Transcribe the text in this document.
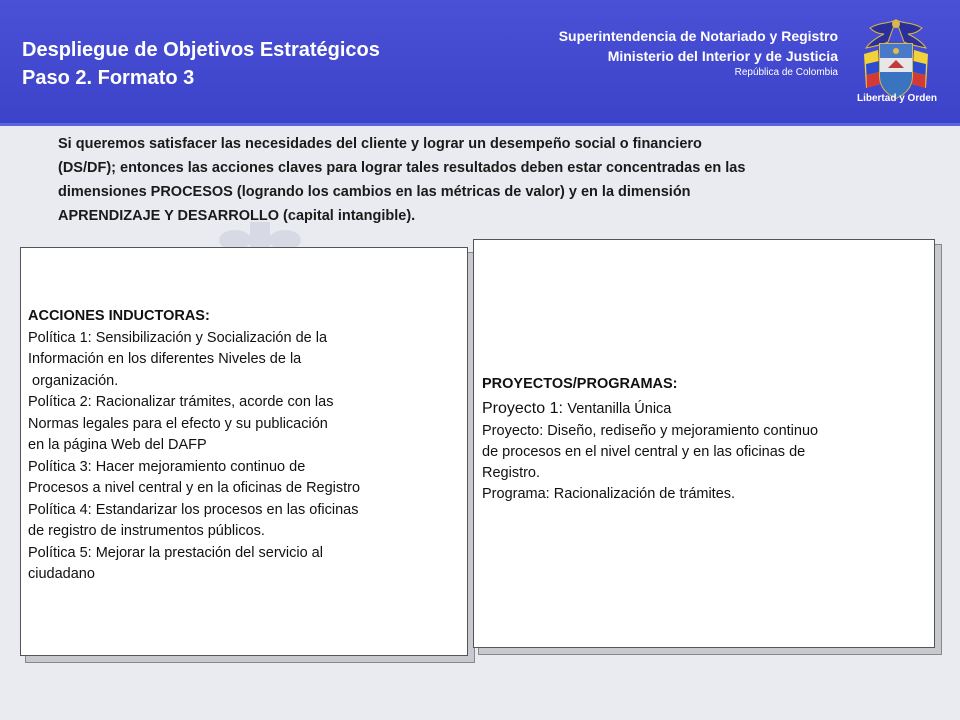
Despliegue de Objetivos Estratégicos
Paso 2. Formato 3
Superintendencia de Notariado y Registro
Ministerio del Interior y de Justicia
República de Colombia
Libertad y Orden

Si queremos satisfacer las necesidades del cliente y lograr un desempeño social o financiero

(DS/DF); entonces las acciones claves para lograr tales resultados deben estar concentradas en las

dimensiones PROCESOS (logrando los cambios en las métricas de valor) y en la dimensión

APRENDIZAJE Y DESARROLLO (capital intangible).

ACCIONES INDUCTORAS:
Política 1: Sensibilización y Socialización de la
Información en los diferentes Niveles de la
organización.
Política 2: Racionalizar trámites, acorde con las
Normas legales para el efecto y su publicación
en la página Web del DAFP
Política 3: Hacer mejoramiento continuo de
Procesos a nivel central y en la oficinas de Registro
Política 4: Estandarizar los procesos en las oficinas
de registro de instrumentos públicos.
Política 5: Mejorar la prestación del servicio al
ciudadano
PROYECTOS/PROGRAMAS:
Proyecto 1: Ventanilla Única
Proyecto: Diseño, rediseño y mejoramiento continuo
de procesos en el nivel central y en las oficinas de
Registro.
Programa: Racionalización de trámites.
